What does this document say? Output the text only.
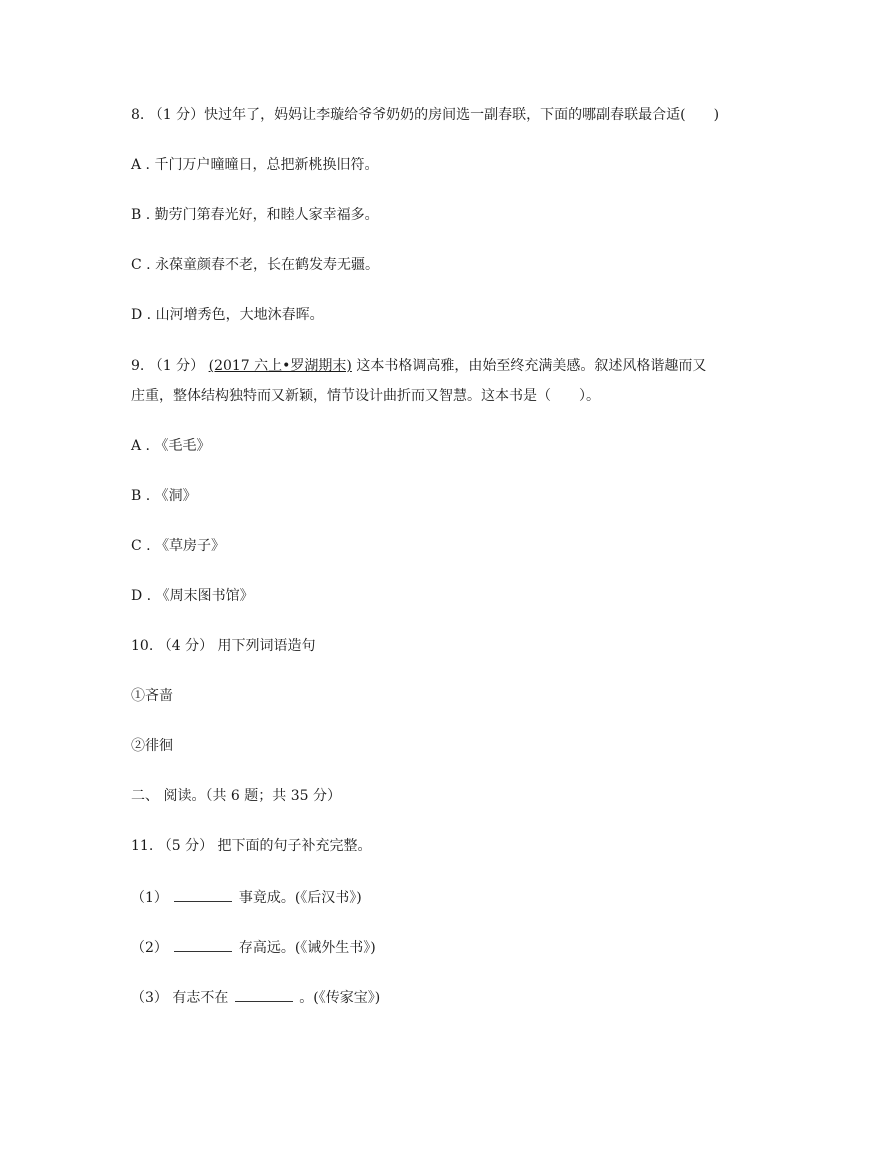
8. （1 分）快过年了，妈妈让李璇给爷爷奶奶的房间选一副春联，下面的哪副春联最合适(　　)
A . 千门万户曈曈日，总把新桃换旧符。
B . 勤劳门第春光好，和睦人家幸福多。
C . 永葆童颜春不老，长在鹤发寿无疆。
D . 山河增秀色，大地沐春晖。
9. （1 分） (2017 六上•罗湖期末) 这本书格调高雅，由始至终充满美感。叙述风格谐趣而又
庄重，整体结构独特而又新颖，情节设计曲折而又智慧。这本书是（　　）。
A . 《毛毛》
B . 《洞》
C . 《草房子》
D . 《周末图书馆》
10. （4 分） 用下列词语造句
①吝啬
②徘徊
二、 阅读。（共 6 题；共 35 分）
11. （5 分） 把下面的句子补充完整。
（1）	事竟成。(《后汉书》)
（2）	存高远。(《诫外生书》)
（3） 有志不在	。(《传家宝》)
